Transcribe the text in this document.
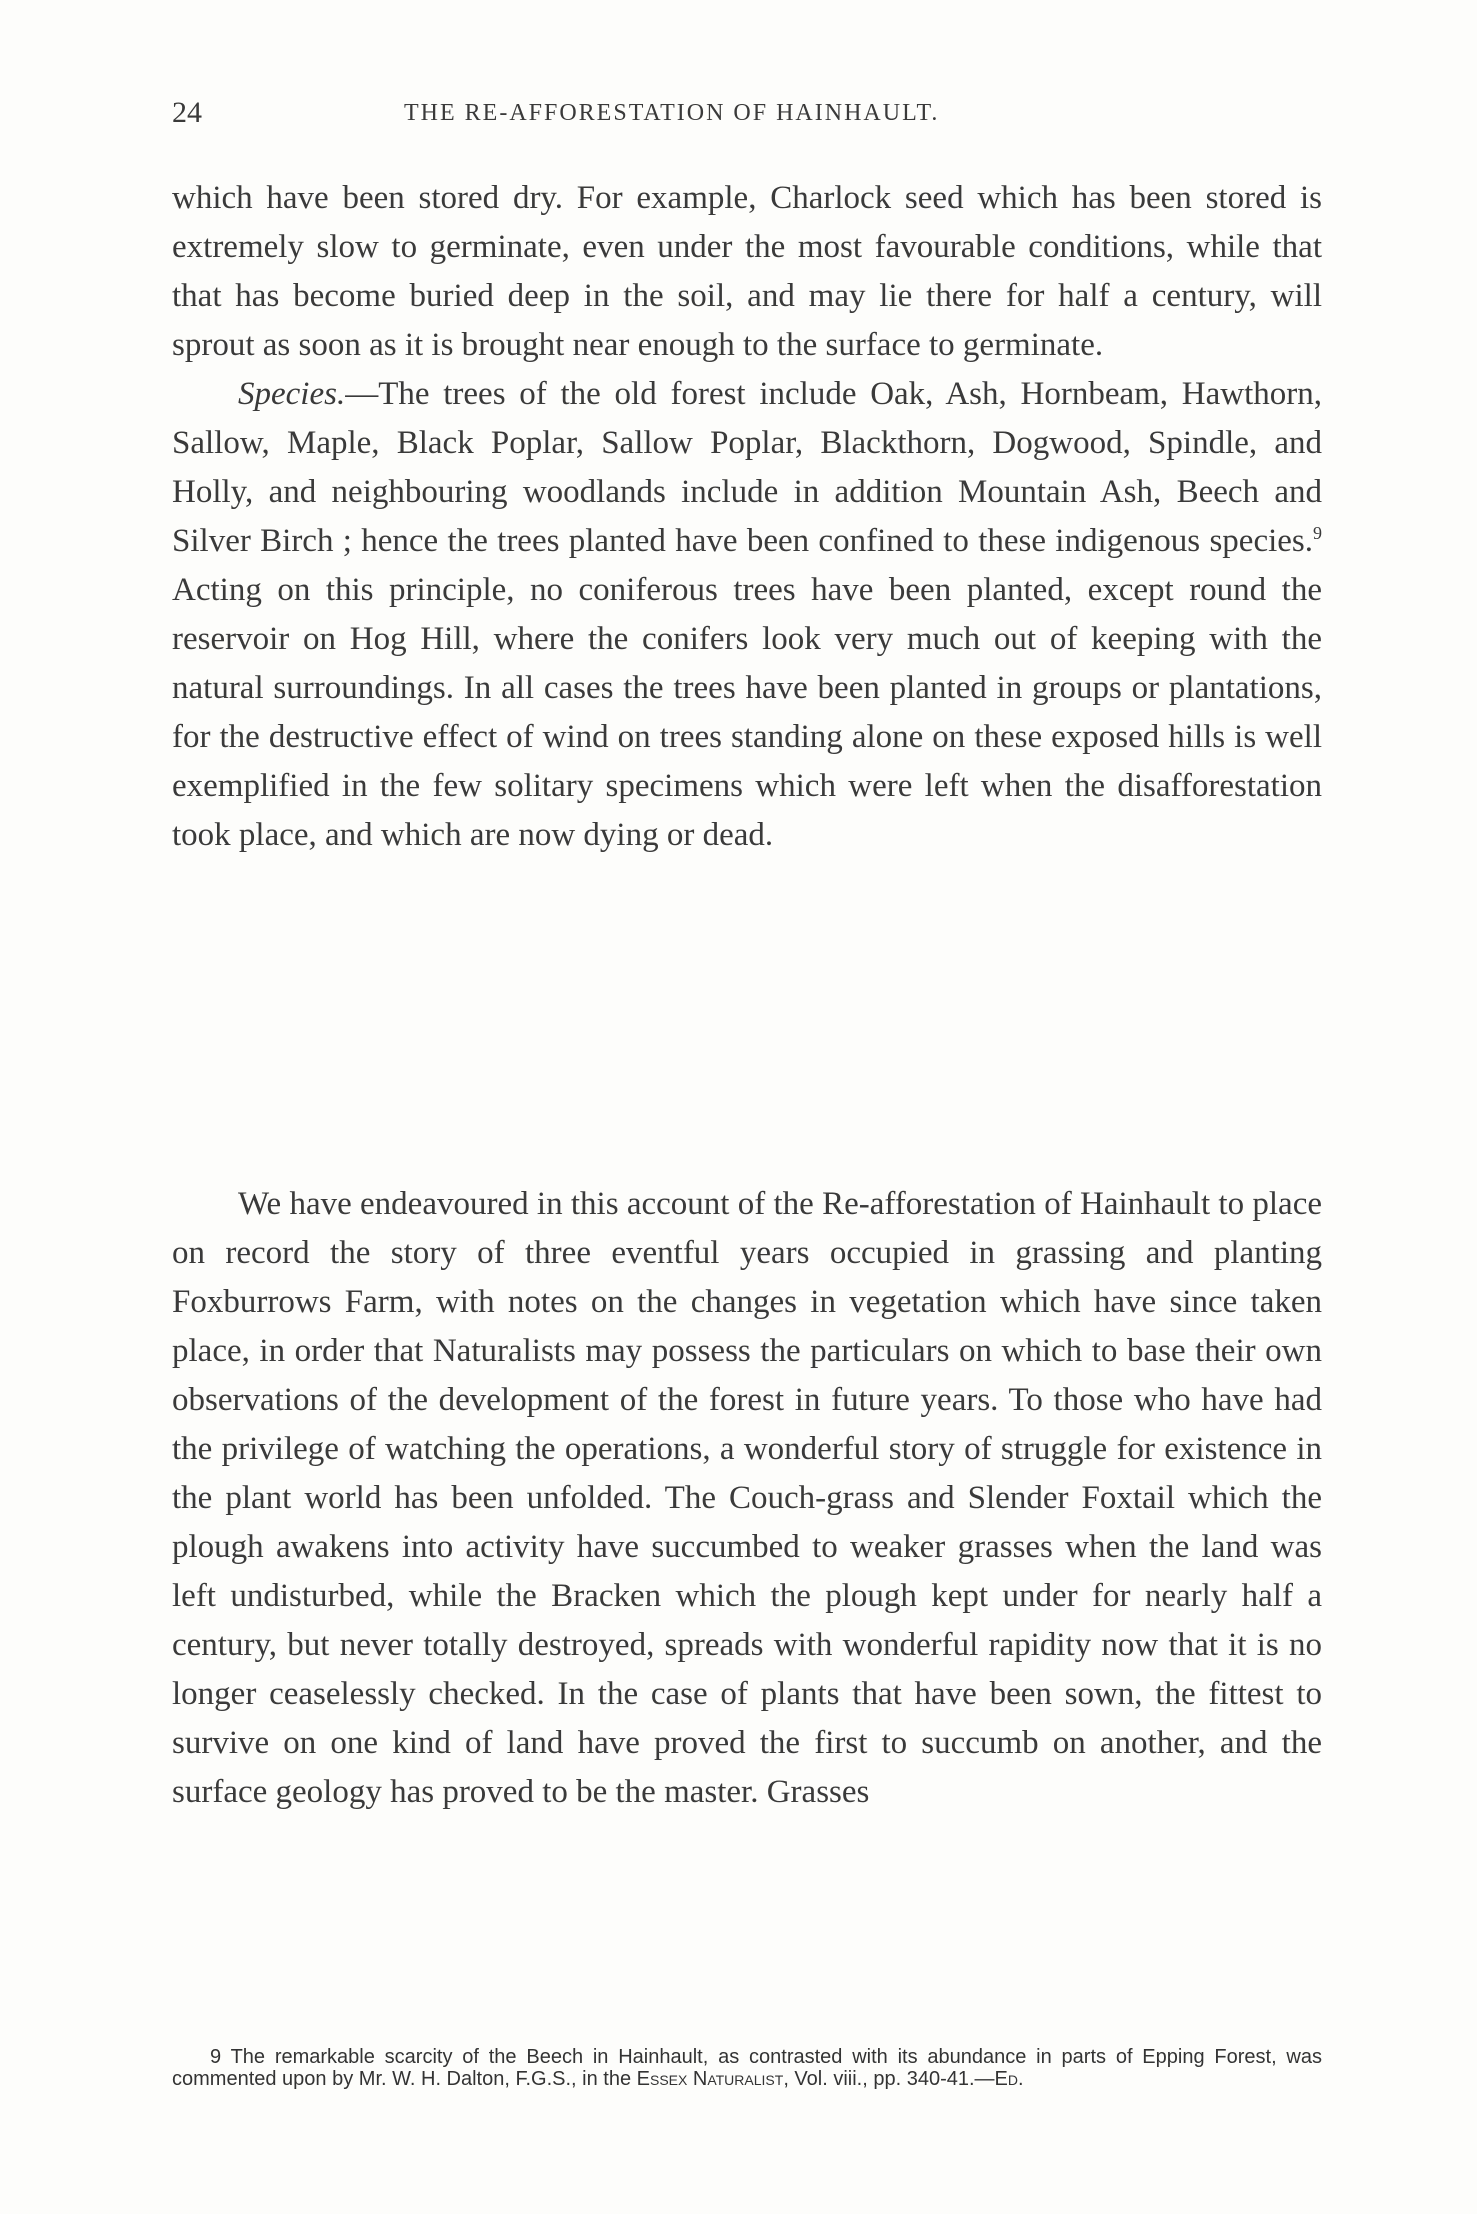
24	THE RE-AFFORESTATION OF HAINHAULT.

which have been stored dry. For example, Charlock seed which has been stored is extremely slow to germinate, even under the most favourable conditions, while that that has become buried deep in the soil, and may lie there for half a century, will sprout as soon as it is brought near enough to the surface to germinate.

Species.—The trees of the old forest include Oak, Ash, Hornbeam, Hawthorn, Sallow, Maple, Black Poplar, Sallow Poplar, Blackthorn, Dogwood, Spindle, and Holly, and neighbouring woodlands include in addition Mountain Ash, Beech and Silver Birch ; hence the trees planted have been confined to these indigenous species.$^9$ Acting on this principle, no coniferous trees have been planted, except round the reservoir on Hog Hill, where the conifers look very much out of keeping with the natural surroundings. In all cases the trees have been planted in groups or plantations, for the destructive effect of wind on trees standing alone on these exposed hills is well exemplified in the few solitary specimens which were left when the disafforestation took place, and which are now dying or dead.

We have endeavoured in this account of the Re-afforestation of Hainhault to place on record the story of three eventful years occupied in grassing and planting Foxburrows Farm, with notes on the changes in vegetation which have since taken place, in order that Naturalists may possess the particulars on which to base their own observations of the development of the forest in future years. To those who have had the privilege of watching the operations, a wonderful story of struggle for existence in the plant world has been unfolded. The Couch-grass and Slender Foxtail which the plough awakens into activity have succumbed to weaker grasses when the land was left undisturbed, while the Bracken which the plough kept under for nearly half a century, but never totally destroyed, spreads with wonderful rapidity now that it is no longer ceaselessly checked. In the case of plants that have been sown, the fittest to survive on one kind of land have proved the first to succumb on another, and the surface geology has proved to be the master. Grasses

9 The remarkable scarcity of the Beech in Hainhault, as contrasted with its abundance in parts of Epping Forest, was commented upon by Mr. W. H. Dalton, F.G.S., in the Essex Naturalist, Vol. viii., pp. 340-41.—Ed.
